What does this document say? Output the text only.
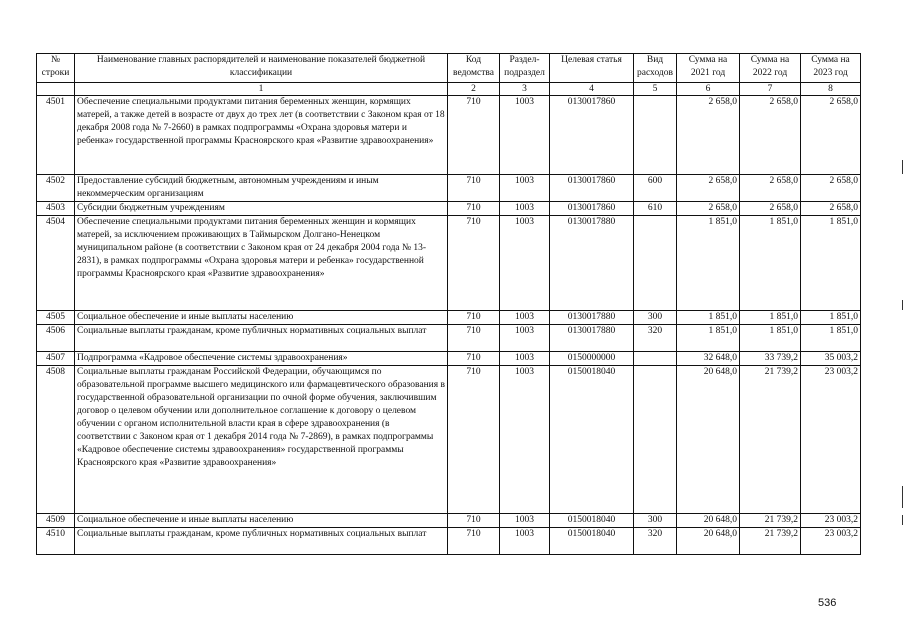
№
строки	Наименование главных распорядителей и наименование показателей бюджетной классификации	Код ведомства	Раздел-подраздел	Целевая статья	Вид расходов	Сумма на 2021 год	Сумма на 2022 год	Сумма на 2023 год
	1	2	3	4	5	6	7	8
4501	Обеспечение специальными продуктами питания беременных женщин, кормящих матерей, а также детей в возрасте от двух до трех лет (в соответствии с Законом края от 18 декабря 2008 года № 7-2660) в рамках подпрограммы «Охрана здоровья матери и ребенка» государственной программы Красноярского края «Развитие здравоохранения»	710	1003	0130017860		2 658,0	2 658,0	2 658,0
4502	Предоставление субсидий бюджетным, автономным учреждениям и иным некоммерческим организациям	710	1003	0130017860	600	2 658,0	2 658,0	2 658,0
4503	Субсидии бюджетным учреждениям	710	1003	0130017860	610	2 658,0	2 658,0	2 658,0
4504	Обеспечение специальными продуктами питания беременных женщин и кормящих матерей, за исключением проживающих в Таймырском Долгано-Ненецком муниципальном районе (в соответствии с Законом края от 24 декабря 2004 года № 13-2831), в рамках подпрограммы «Охрана здоровья матери и ребенка» государственной программы Красноярского края «Развитие здравоохранения»	710	1003	0130017880		1 851,0	1 851,0	1 851,0
4505	Социальное обеспечение и иные выплаты населению	710	1003	0130017880	300	1 851,0	1 851,0	1 851,0
4506	Социальные выплаты гражданам, кроме публичных нормативных социальных выплат	710	1003	0130017880	320	1 851,0	1 851,0	1 851,0
4507	Подпрограмма «Кадровое обеспечение системы здравоохранения»	710	1003	0150000000		32 648,0	33 739,2	35 003,2
4508	Социальные выплаты гражданам Российской Федерации, обучающимся по образовательной программе высшего медицинского или фармацевтического образования в государственной образовательной организации по очной форме обучения, заключившим договор о целевом обучении или дополнительное соглашение к договору о целевом обучении с органом исполнительной власти края в сфере здравоохранения (в соответствии с Законом края от 1 декабря 2014 года № 7-2869), в рамках подпрограммы «Кадровое обеспечение системы здравоохранения» государственной программы Красноярского края «Развитие здравоохранения»	710	1003	0150018040		20 648,0	21 739,2	23 003,2
4509	Социальное обеспечение и иные выплаты населению	710	1003	0150018040	300	20 648,0	21 739,2	23 003,2
4510	Социальные выплаты гражданам, кроме публичных нормативных социальных выплат	710	1003	0150018040	320	20 648,0	21 739,2	23 003,2
536
